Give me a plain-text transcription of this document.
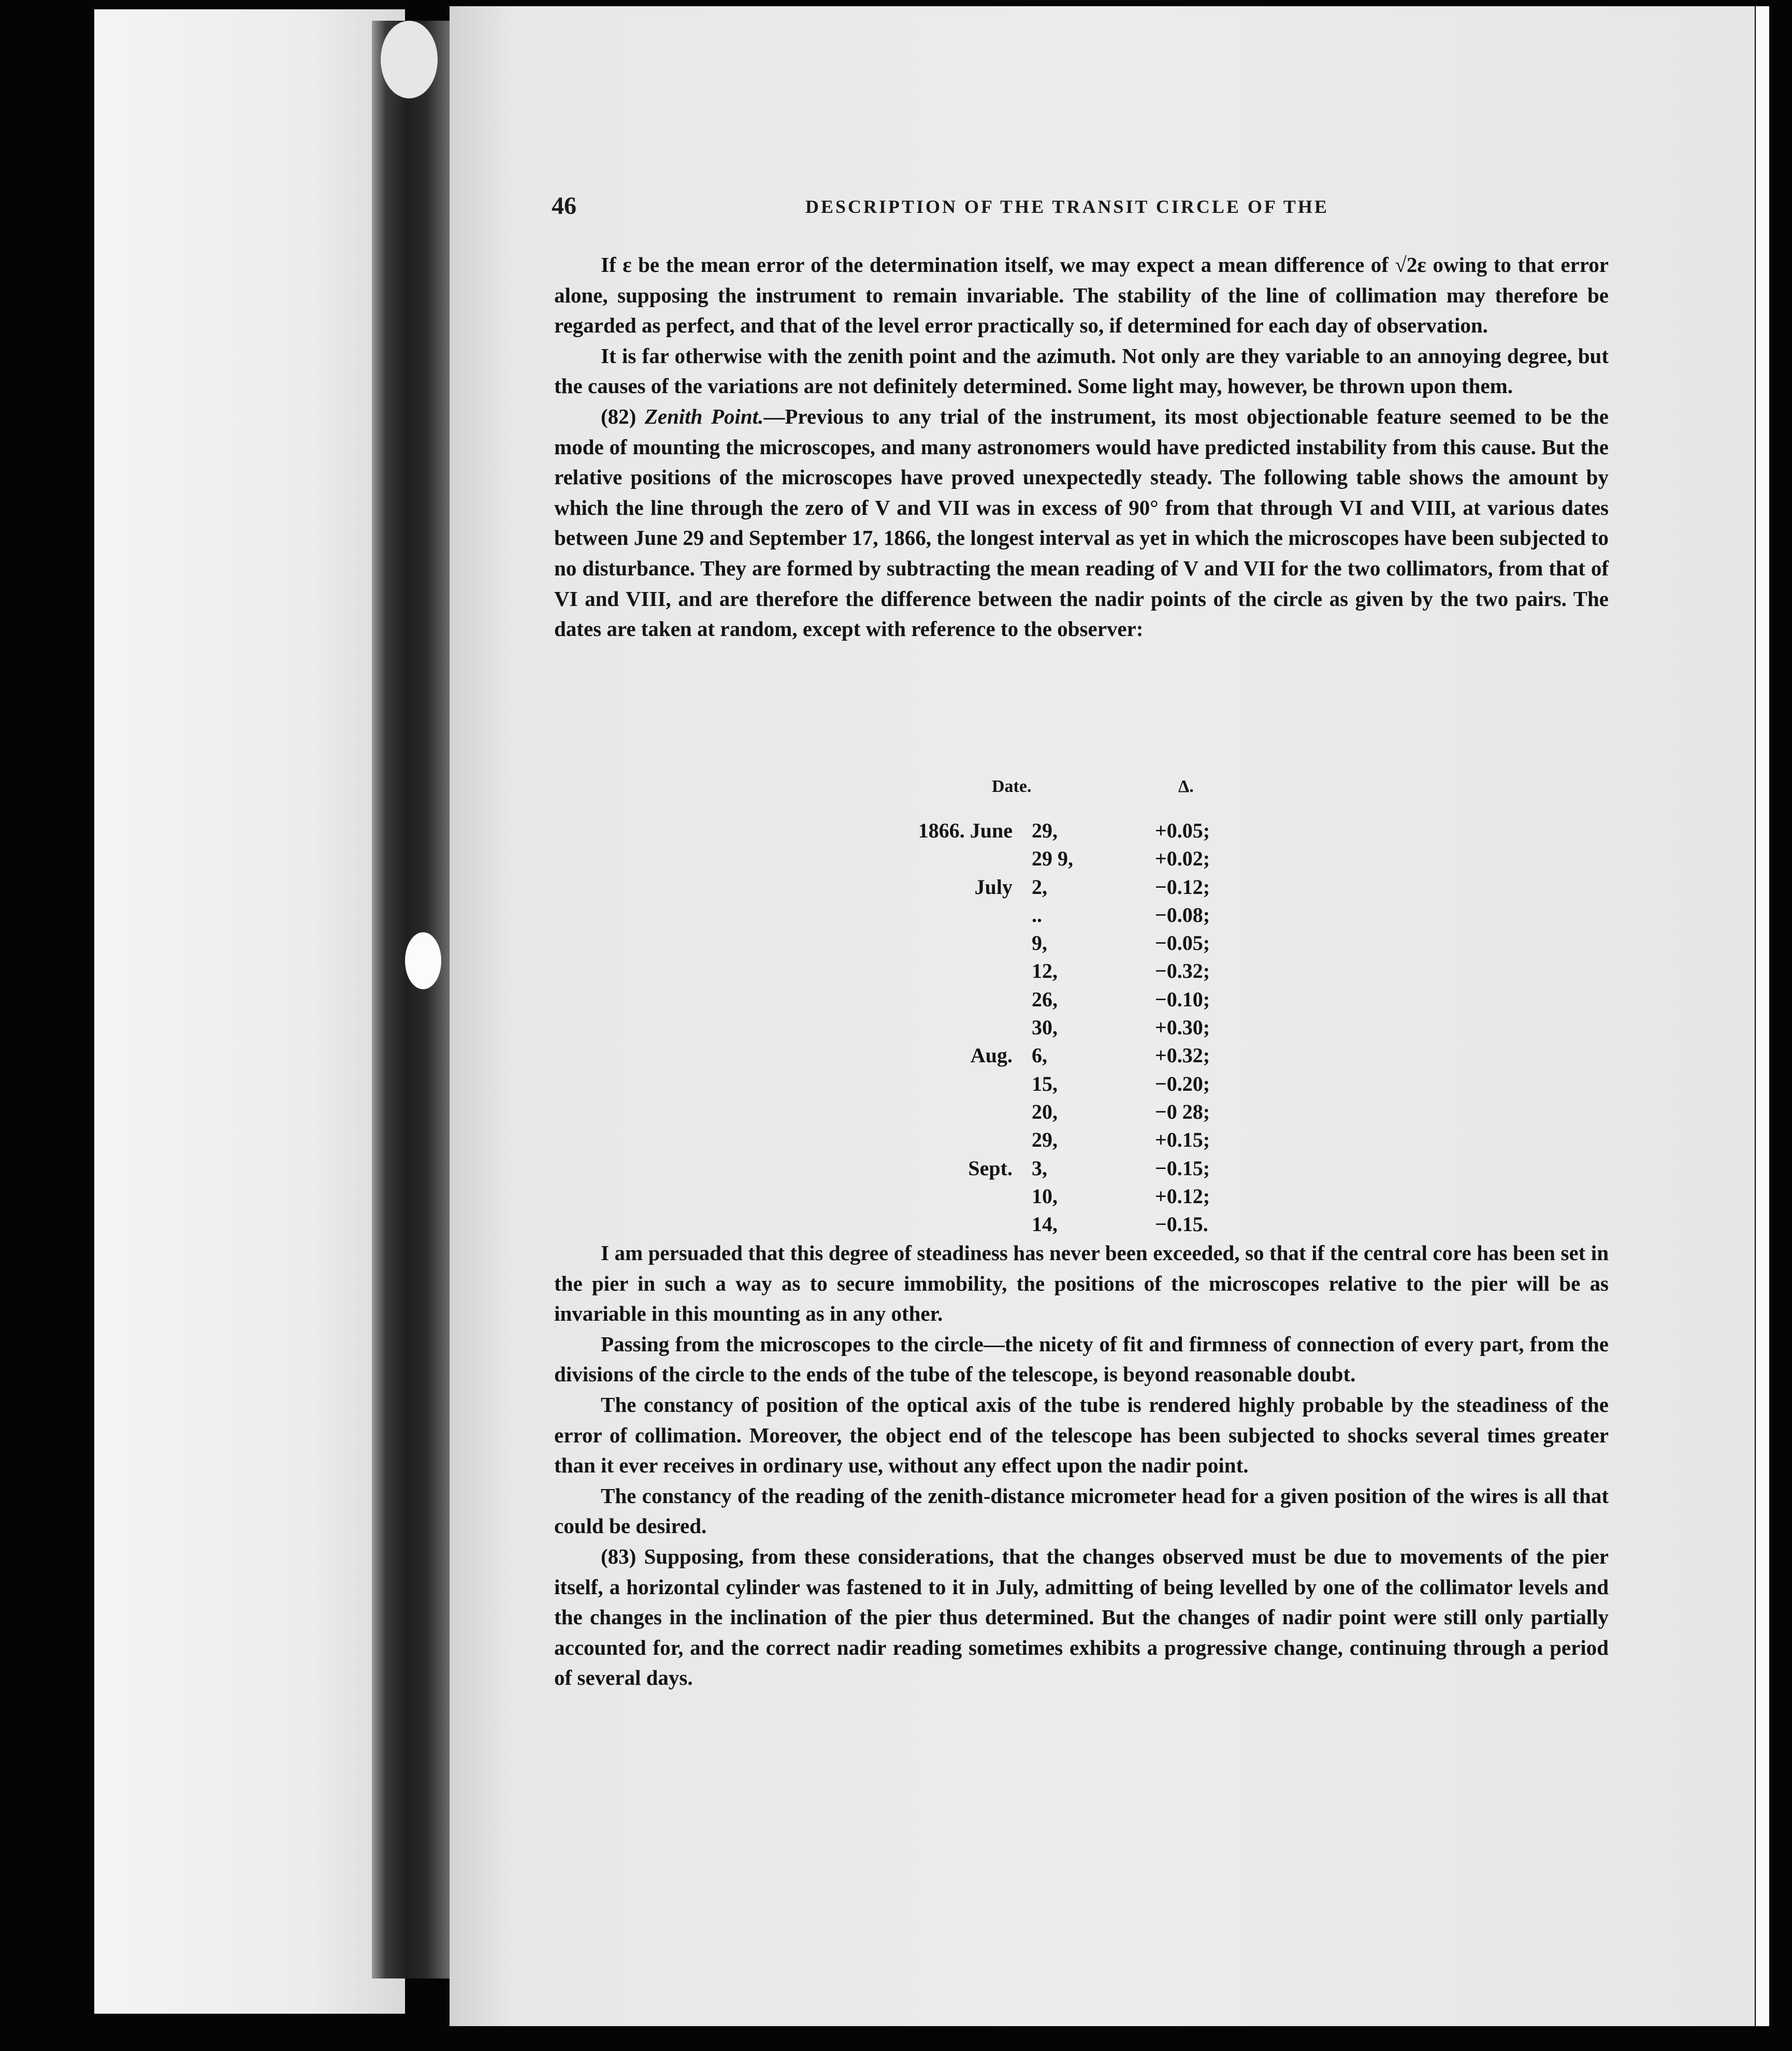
46	DESCRIPTION OF THE TRANSIT CIRCLE OF THE

If ε be the mean error of the determination itself, we may expect a mean difference of √2ε owing to that error alone, supposing the instrument to remain invariable. The stability of the line of collimation may therefore be regarded as perfect, and that of the level error practically so, if determined for each day of observation.

It is far otherwise with the zenith point and the azimuth. Not only are they variable to an annoying degree, but the causes of the variations are not definitely determined. Some light may, however, be thrown upon them.

(82) Zenith Point.—Previous to any trial of the instrument, its most objectionable feature seemed to be the mode of mounting the microscopes, and many astronomers would have predicted instability from this cause. But the relative positions of the microscopes have proved unexpectedly steady. The following table shows the amount by which the line through the zero of V and VII was in excess of 90° from that through VI and VIII, at various dates between June 29 and September 17, 1866, the longest interval as yet in which the microscopes have been subjected to no disturbance. They are formed by subtracting the mean reading of V and VII for the two collimators, from that of VI and VIII, and are therefore the difference between the nadir points of the circle as given by the two pairs. The dates are taken at random, except with reference to the observer:

Date.	Δ.
1866. June 29,	+0.05;
29 9,	+0.02;
July 2,	−0.12;
..	−0.08;
9,	−0.05;
12,	−0.32;
26,	−0.10;
30,	+0.30;
Aug. 6,	+0.32;
15,	−0.20;
20,	−0 28;
29,	+0.15;
Sept. 3,	−0.15;
10,	+0.12;
14,	−0.15.

I am persuaded that this degree of steadiness has never been exceeded, so that if the central core has been set in the pier in such a way as to secure immobility, the positions of the microscopes relative to the pier will be as invariable in this mounting as in any other.

Passing from the microscopes to the circle—the nicety of fit and firmness of connection of every part, from the divisions of the circle to the ends of the tube of the telescope, is beyond reasonable doubt.

The constancy of position of the optical axis of the tube is rendered highly probable by the steadiness of the error of collimation. Moreover, the object end of the telescope has been subjected to shocks several times greater than it ever receives in ordinary use, without any effect upon the nadir point.

The constancy of the reading of the zenith-distance micrometer head for a given position of the wires is all that could be desired.

(83) Supposing, from these considerations, that the changes observed must be due to movements of the pier itself, a horizontal cylinder was fastened to it in July, admitting of being levelled by one of the collimator levels and the changes in the inclination of the pier thus determined. But the changes of nadir point were still only partially accounted for, and the correct nadir reading sometimes exhibits a progressive change, continuing through a period of several days.
